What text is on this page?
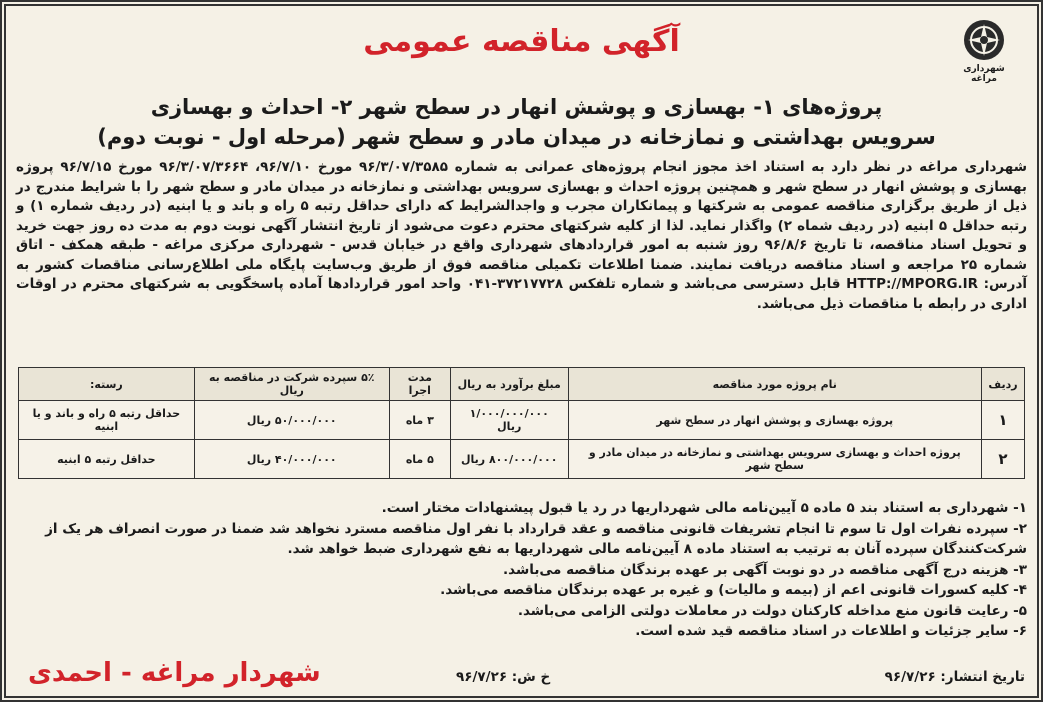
شهرداری مراغه
آگهی مناقصه عمومی
پروژه‌های ۱- بهسازی و پوشش انهار در سطح شهر ۲- احداث و بهسازی
سرویس بهداشتی و نمازخانه در میدان مادر و سطح شهر (مرحله اول - نوبت دوم)
شهرداری مراغه در نظر دارد به استناد اخذ مجوز انجام پروژه‌های عمرانی به شماره ۹۶/۳/۰۷/۳۵۸۵ مورخ ۹۶/۷/۱۰، ۹۶/۳/۰۷/۳۶۶۴ مورخ ۹۶/۷/۱۵ پروژه بهسازی و پوشش انهار در سطح شهر و همچنین پروژه احداث و بهسازی سرویس بهداشتی و نمازخانه در میدان مادر و سطح شهر را با شرایط مندرج در ذیل از طریق برگزاری مناقصه عمومی به شرکتها و پیمانکاران مجرب و واجدالشرایط که دارای حداقل رتبه ۵ راه و باند و یا ابنیه (در ردیف شماره ۱) و رتبه حداقل ۵ ابنیه (در ردیف شماه ۲) واگذار نماید. لذا از کلیه شرکتهای محترم دعوت می‌شود از تاریخ انتشار آگهی نوبت دوم به مدت ده روز جهت خرید و تحویل اسناد مناقصه، تا تاریخ ۹۶/۸/۶ روز شنبه به امور قراردادهای شهرداری واقع در خیابان قدس - شهرداری مرکزی مراغه - طبقه همکف - اتاق شماره ۲۵ مراجعه و اسناد مناقصه دریافت نمایند. ضمنا اطلاعات تکمیلی مناقصه فوق از طریق وب‌سایت پایگاه ملی اطلاع‌رسانی مناقصات کشور به آدرس: HTTP://MPORG.IR قابل دسترسی می‌باشد و شماره تلفکس ۳۷۲۱۷۷۲۸-۰۴۱ واحد امور قراردادها آماده پاسخگویی به شرکتهای محترم در اوقات اداری در رابطه با مناقصات ذیل می‌باشد.
ردیف	نام پروژه مورد مناقصه	مبلغ برآورد به ریال	مدت اجرا	۵٪ سپرده شرکت در مناقصه به ریال	رسته:
۱	پروژه بهسازی و پوشش انهار در سطح شهر	۱/۰۰۰/۰۰۰/۰۰۰ ریال	۳ ماه	۵۰/۰۰۰/۰۰۰ ریال	حداقل رتبه ۵ راه و باند و یا ابنیه
۲	پروژه احداث و بهسازی سرویس بهداشتی و نمازخانه در میدان مادر و سطح شهر	۸۰۰/۰۰۰/۰۰۰ ریال	۵ ماه	۴۰/۰۰۰/۰۰۰ ریال	حداقل رتبه ۵ ابنیه
۱- شهرداری به استناد بند ۵ ماده ۵ آیین‌نامه مالی شهرداریها در رد یا قبول پیشنهادات مختار است.
۲- سپرده نفرات اول تا سوم تا انجام تشریفات قانونی مناقصه و عقد قرارداد با نفر اول مناقصه مسترد نخواهد شد ضمنا در صورت انصراف هر یک از شرکت‌کنندگان سپرده آنان به ترتیب به استناد ماده ۸ آیین‌نامه مالی شهرداریها به نفع شهرداری ضبط خواهد شد.
۳- هزینه درج آگهی مناقصه در دو نوبت آگهی بر عهده برندگان مناقصه می‌باشد.
۴- کلیه کسورات قانونی اعم از (بیمه و مالیات) و غیره بر عهده برندگان مناقصه می‌باشد.
۵- رعایت قانون منع مداخله کارکنان دولت در معاملات دولتی الزامی می‌باشد.
۶- سایر جزئیات و اطلاعات در اسناد مناقصه قید شده است.
تاریخ انتشار: ۹۶/۷/۲۶
خ ش: ۹۶/۷/۲۶
شهردار مراغه - احمدی
